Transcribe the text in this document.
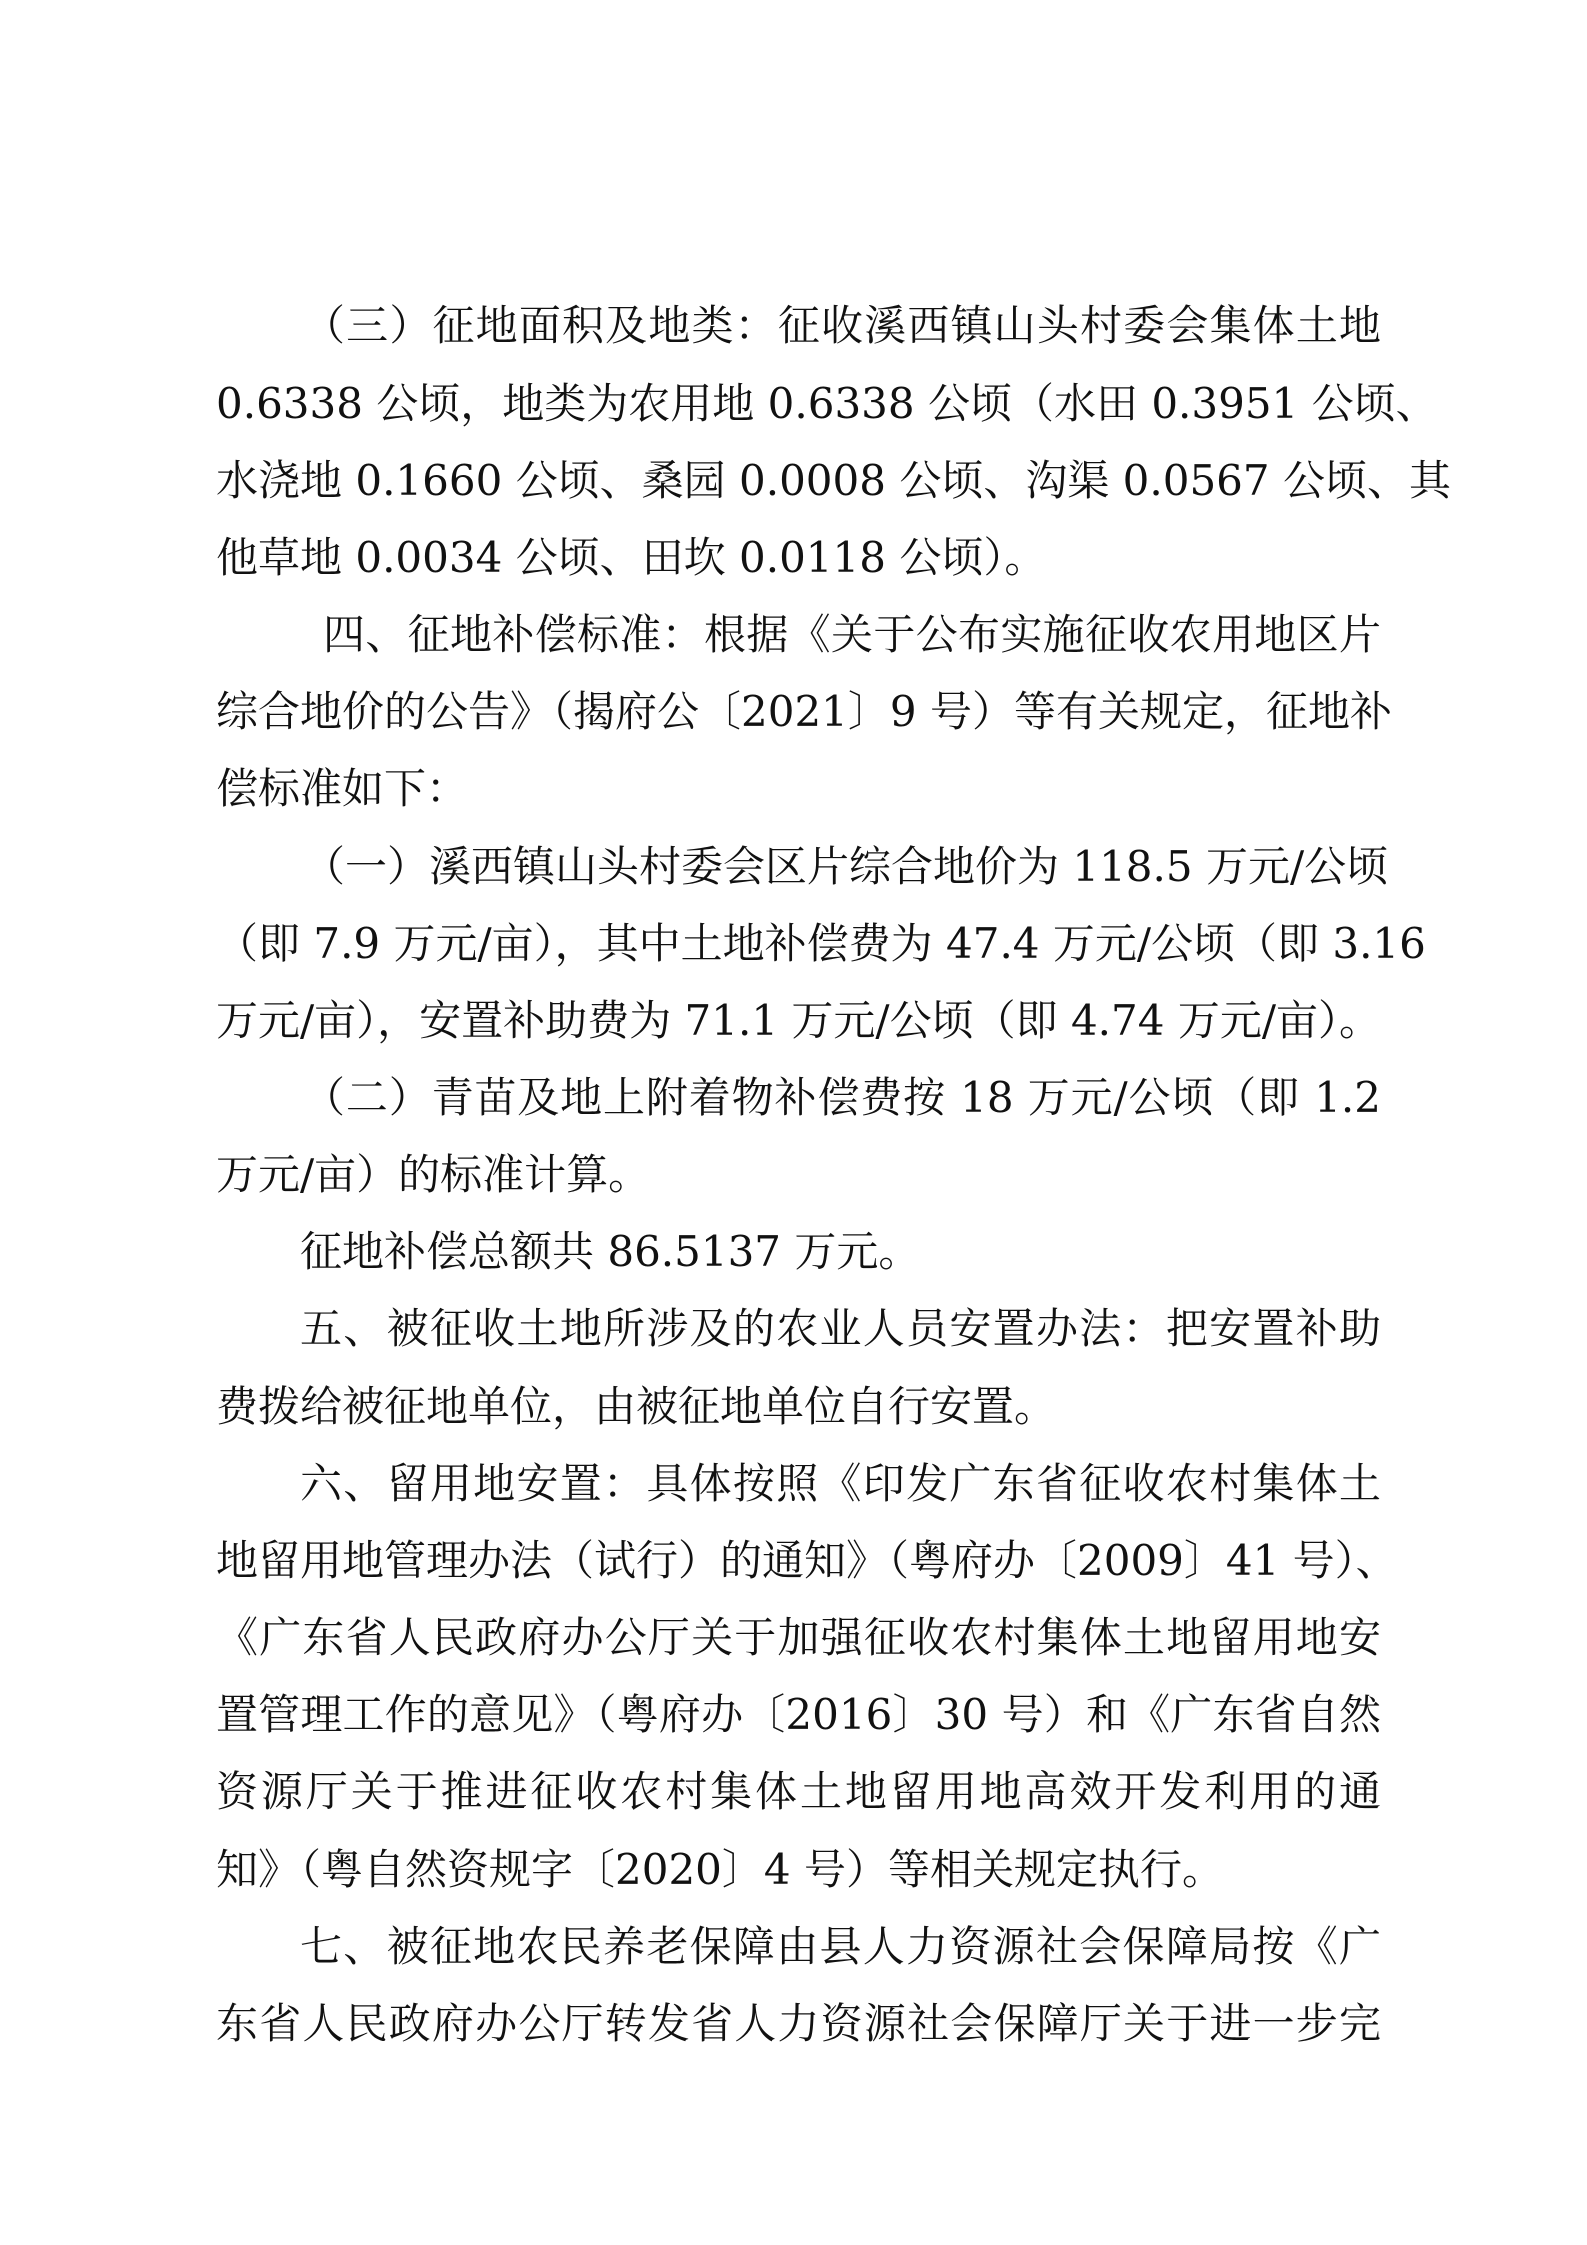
（三）征地面积及地类：征收溪西镇山头村委会集体土地
0.6338 公顷，地类为农用地 0.6338 公顷（水田 0.3951 公顷、
水浇地 0.1660 公顷、桑园 0.0008 公顷、沟渠 0.0567 公顷、其
他草地 0.0034 公顷、田坎 0.0118 公顷）。
四、征地补偿标准：根据《关于公布实施征收农用地区片
综合地价的公告》（揭府公〔2021〕9 号）等有关规定，征地补
偿标准如下：
（一）溪西镇山头村委会区片综合地价为 118.5 万元/公顷
（即 7.9 万元/亩），其中土地补偿费为 47.4 万元/公顷（即 3.16
万元/亩），安置补助费为 71.1 万元/公顷（即 4.74 万元/亩）。
（二）青苗及地上附着物补偿费按 18 万元/公顷（即 1.2
万元/亩）的标准计算。
征地补偿总额共 86.5137 万元。
五、被征收土地所涉及的农业人员安置办法：把安置补助
费拨给被征地单位，由被征地单位自行安置。
六、留用地安置：具体按照《印发广东省征收农村集体土
地留用地管理办法（试行）的通知》（粤府办〔2009〕41 号）、
《广东省人民政府办公厅关于加强征收农村集体土地留用地安
置管理工作的意见》（粤府办〔2016〕30 号）和《广东省自然
资源厅关于推进征收农村集体土地留用地高效开发利用的通
知》（粤自然资规字〔2020〕4 号）等相关规定执行。
七、被征地农民养老保障由县人力资源社会保障局按《广
东省人民政府办公厅转发省人力资源社会保障厅关于进一步完
